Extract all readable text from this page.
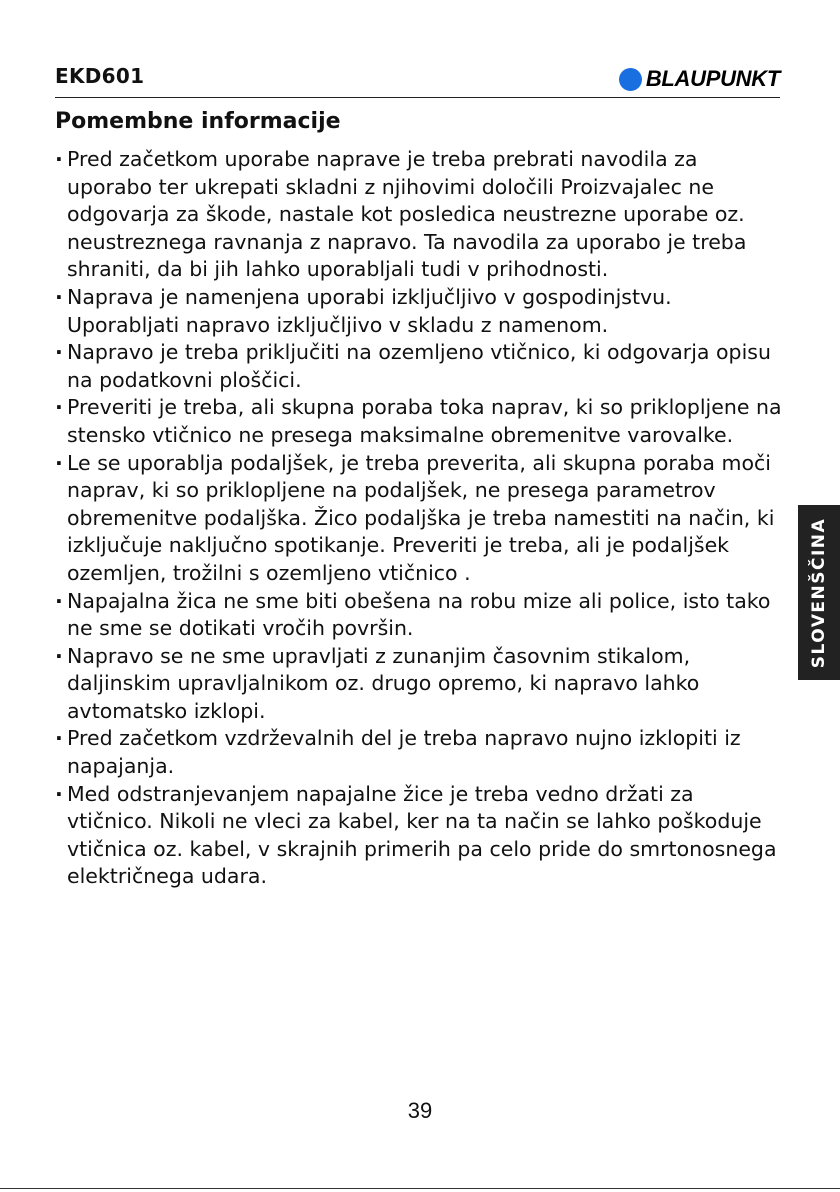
EKD601	BLAUPUNKT
Pomembne informacije
· Pred začetkom uporabe naprave je treba prebrati navodila za uporabo ter ukrepati skladni z njihovimi določili Proizvajalec ne odgovarja za škode, nastale kot posledica neustrezne uporabe oz. neustreznega ravnanja z napravo. Ta navodila za uporabo je treba shraniti, da bi jih lahko uporabljali tudi v prihodnosti.
· Naprava je namenjena uporabi izključljivo v gospodinjstvu. Uporabljati napravo izključljivo v skladu z namenom.
· Napravo je treba priključiti na ozemljeno vtičnico, ki odgovarja opisu na podatkovni ploščici.
· Preveriti je treba, ali skupna poraba toka naprav, ki so priklopljene na stensko vtičnico ne presega maksimalne obremenitve varovalke.
· Le se uporablja podaljšek, je treba preverita, ali skupna poraba moči naprav, ki so priklopljene na podaljšek, ne presega parametrov obremenitve podaljška. Žico podaljška je treba namestiti na način, ki izključuje naključno spotikanje. Preveriti je treba, ali je podaljšek ozemljen, trožilni s ozemljeno vtičnico .
· Napajalna žica ne sme biti obešena na robu mize ali police, isto tako ne sme se dotikati vročih površin.
· Napravo se ne sme upravljati z zunanjim časovnim stikalom, daljinskim upravljalnikom oz. drugo opremo, ki napravo lahko avtomatsko izklopi.
· Pred začetkom vzdrževalnih del je treba napravo nujno izklopiti iz napajanja.
· Med odstranjevanjem napajalne žice je treba vedno držati za vtičnico. Nikoli ne vleci za kabel, ker na ta način se lahko poškoduje vtičnica oz. kabel, v skrajnih primerih pa celo pride do smrtonosnega električnega udara.
SLOVENŠČINA
39
